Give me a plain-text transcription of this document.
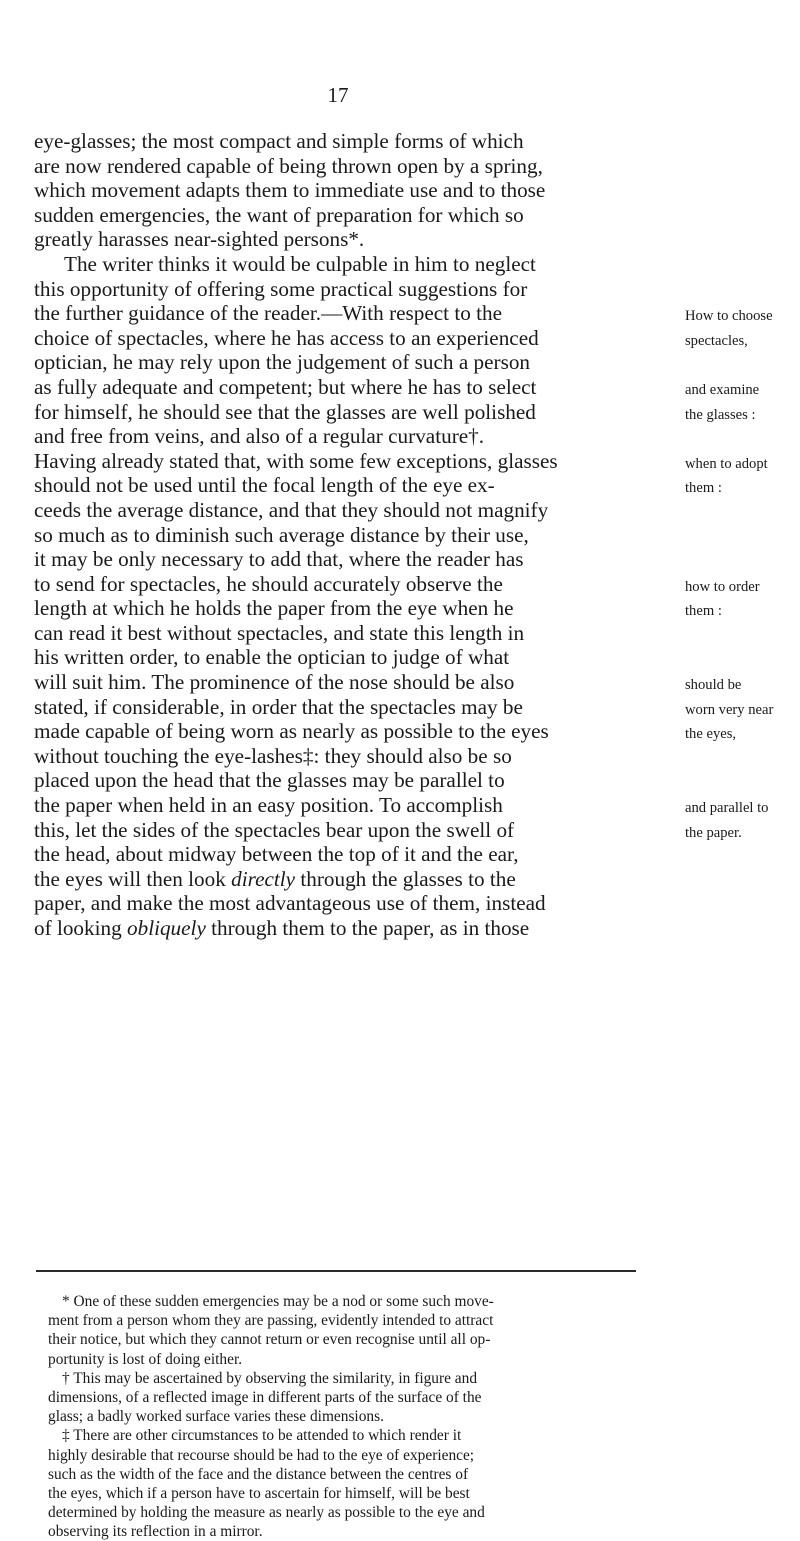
17
eye-glasses; the most compact and simple forms of which
are now rendered capable of being thrown open by a spring,
which movement adapts them to immediate use and to those
sudden emergencies, the want of preparation for which so
greatly harasses near-sighted persons*.
The writer thinks it would be culpable in him to neglect
this opportunity of offering some practical suggestions for
the further guidance of the reader.—With respect to the	How to choose
choice of spectacles, where he has access to an experienced	spectacles,
optician, he may rely upon the judgement of such a person
as fully adequate and competent; but where he has to select	and examine
for himself, he should see that the glasses are well polished	the glasses :
and free from veins, and also of a regular curvature†.
Having already stated that, with some few exceptions, glasses	when to adopt
should not be used until the focal length of the eye ex-	them :
ceeds the average distance, and that they should not magnify
so much as to diminish such average distance by their use,
it may be only necessary to add that, where the reader has
to send for spectacles, he should accurately observe the	how to order
length at which he holds the paper from the eye when he	them :
can read it best without spectacles, and state this length in
his written order, to enable the optician to judge of what
will suit him. The prominence of the nose should be also	should be
stated, if considerable, in order that the spectacles may be	worn very near
made capable of being worn as nearly as possible to the eyes	the eyes,
without touching the eye-lashes‡: they should also be so
placed upon the head that the glasses may be parallel to
the paper when held in an easy position. To accomplish	and parallel to
this, let the sides of the spectacles bear upon the swell of	the paper.
the head, about midway between the top of it and the ear,
the eyes will then look directly through the glasses to the
paper, and make the most advantageous use of them, instead
of looking obliquely through them to the paper, as in those
* One of these sudden emergencies may be a nod or some such move-
ment from a person whom they are passing, evidently intended to attract
their notice, but which they cannot return or even recognise until all op-
portunity is lost of doing either.
† This may be ascertained by observing the similarity, in figure and
dimensions, of a reflected image in different parts of the surface of the
glass; a badly worked surface varies these dimensions.
‡ There are other circumstances to be attended to which render it
highly desirable that recourse should be had to the eye of experience;
such as the width of the face and the distance between the centres of
the eyes, which if a person have to ascertain for himself, will be best
determined by holding the measure as nearly as possible to the eye and
observing its reflection in a mirror.
